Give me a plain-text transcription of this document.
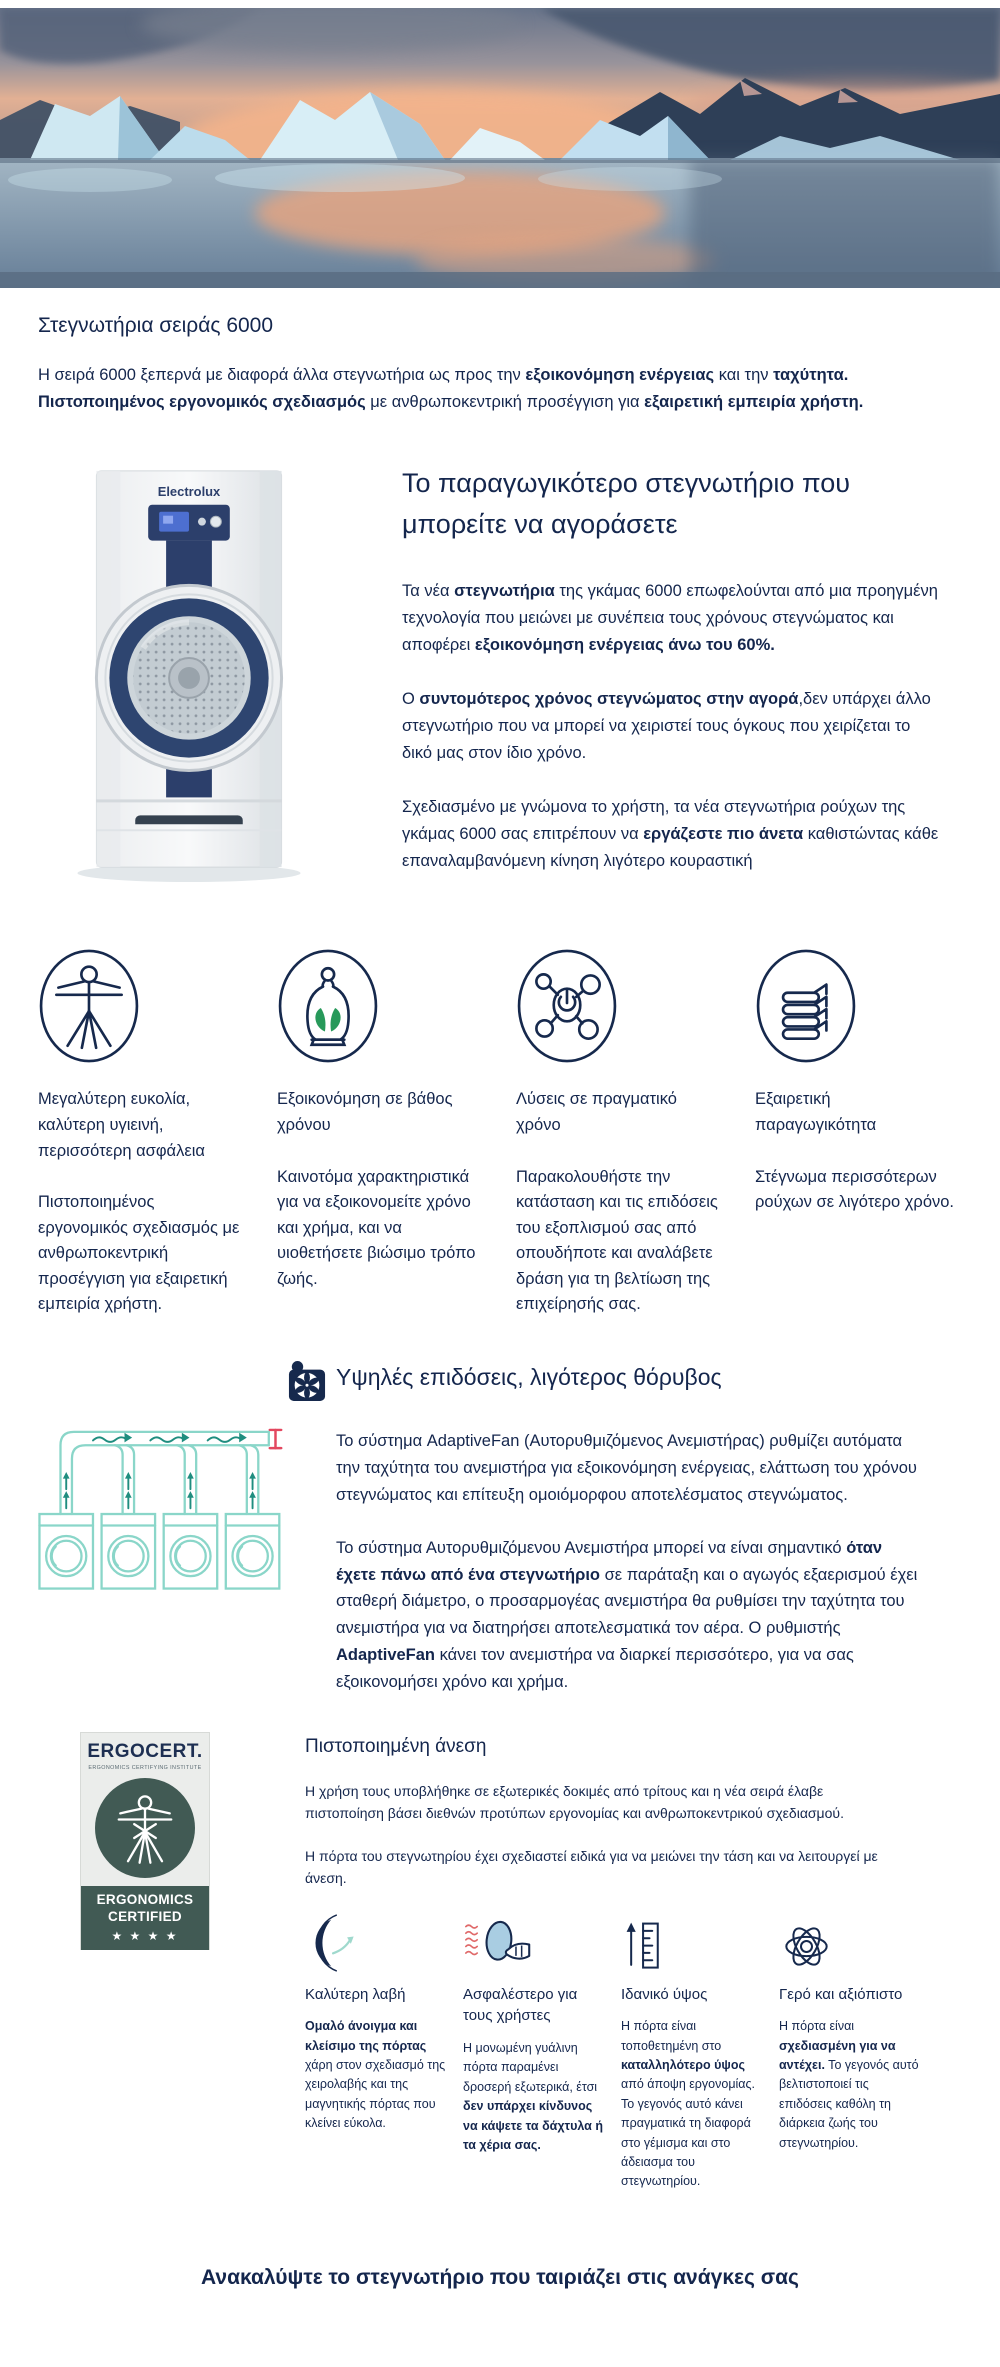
Στεγνωτήρια σειράς 6000

Η σειρά 6000 ξεπερνά με διαφορά άλλα στεγνωτήρια ως προς την εξοικονόμηση ενέργειας και την ταχύτητα. Πιστοποιημένος εργονομικός σχεδιασμός με ανθρωποκεντρική προσέγγιση για εξαιρετική εμπειρία χρήστη.

Electrolux	Το παραγωγικότερο στεγνωτήριο που μπορείτε να αγοράσετε

Τα νέα στεγνωτήρια της γκάμας 6000 επωφελούνται από μια προηγμένη τεχνολογία που μειώνει με συνέπεια τους χρόνους στεγνώματος και αποφέρει εξοικονόμηση ενέργειας άνω του 60%.

Ο συντομότερος χρόνος στεγνώματος στην αγορά,δεν υπάρχει άλλο στεγνωτήριο που να μπορεί να χειριστεί τους όγκους που χειρίζεται το δικό μας στον ίδιο χρόνο.

Σχεδιασμένο με γνώμονα το χρήστη, τα νέα στεγνωτήρια ρούχων της γκάμας 6000 σας επιτρέπουν να εργάζεστε πιο άνετα καθιστώντας κάθε επαναλαμβανόμενη κίνηση λιγότερο κουραστική

Μεγαλύτερη ευκολία, καλύτερη υγιεινή, περισσότερη ασφάλεια

Πιστοποιημένος εργονομικός σχεδιασμός με ανθρωποκεντρική προσέγγιση για εξαιρετική εμπειρία χρήστη.

Εξοικονόμηση σε βάθος χρόνου

Καινοτόμα χαρακτηριστικά για να εξοικονομείτε χρόνο και χρήμα, και να υιοθετήσετε βιώσιμο τρόπο ζωής.

Λύσεις σε πραγματικό χρόνο

Παρακολουθήστε την κατάσταση και τις επιδόσεις του εξοπλισμού σας από οπουδήποτε και αναλάβετε δράση για τη βελτίωση της επιχείρησής σας.

Εξαιρετική παραγωγικότητα

Στέγνωμα περισσότερων ρούχων σε λιγότερο χρόνο.

Υψηλές επιδόσεις, λιγότερος θόρυβος

Το σύστημα AdaptiveFan (Αυτορυθμιζόμενος Ανεμιστήρας) ρυθμίζει αυτόματα την ταχύτητα του ανεμιστήρα για εξοικονόμηση ενέργειας, ελάττωση του χρόνου στεγνώματος και επίτευξη ομοιόμορφου αποτελέσματος στεγνώματος.

Το σύστημα Αυτορυθμιζόμενου Ανεμιστήρα μπορεί να είναι σημαντικό όταν έχετε πάνω από ένα στεγνωτήριο σε παράταξη και ο αγωγός εξαερισμού έχει σταθερή διάμετρο, ο προσαρμογέας ανεμιστήρα θα ρυθμίσει την ταχύτητα του ανεμιστήρα για να διατηρήσει αποτελεσματικά τον αέρα. Ο ρυθμιστής AdaptiveFan κάνει τον ανεμιστήρα να διαρκεί περισσότερο, για να σας εξοικονομήσει χρόνο και χρήμα.

ERGOCERT.
ERGONOMICS CERTIFYING INSTITUTE
ERGONOMICS
CERTIFIED
★ ★ ★ ★
Πιστοποιημένη άνεση

Η χρήση τους υποβλήθηκε σε εξωτερικές δοκιμές από τρίτους και η νέα σειρά έλαβε πιστοποίηση βάσει διεθνών προτύπων εργονομίας και ανθρωποκεντρικού σχεδιασμού.

Η πόρτα του στεγνωτηρίου έχει σχεδιαστεί ειδικά για να μειώνει την τάση και να λειτουργεί με άνεση.

Καλύτερη λαβή

Ομαλό άνοιγμα και κλείσιμο της πόρτας χάρη στον σχεδιασμό της χειρολαβής και της μαγνητικής πόρτας που κλείνει εύκολα.

Ασφαλέστερο για τους χρήστες

Η μονωμένη γυάλινη πόρτα παραμένει δροσερή εξωτερικά, έτσι δεν υπάρχει κίνδυνος να κάψετε τα δάχτυλα ή τα χέρια σας.

Ιδανικό ύψος

Η πόρτα είναι τοποθετημένη στο καταλληλότερο ύψος από άποψη εργονομίας. Το γεγονός αυτό κάνει πραγματικά τη διαφορά στο γέμισμα και στο άδειασμα του στεγνωτηρίου.

Γερό και αξιόπιστο

Η πόρτα είναι σχεδιασμένη για να αντέχει. Το γεγονός αυτό βελτιστοποιεί τις επιδόσεις καθόλη τη διάρκεια ζωής του στεγνωτηρίου.

Ανακαλύψτε το στεγνωτήριο που ταιριάζει στις ανάγκες σας
